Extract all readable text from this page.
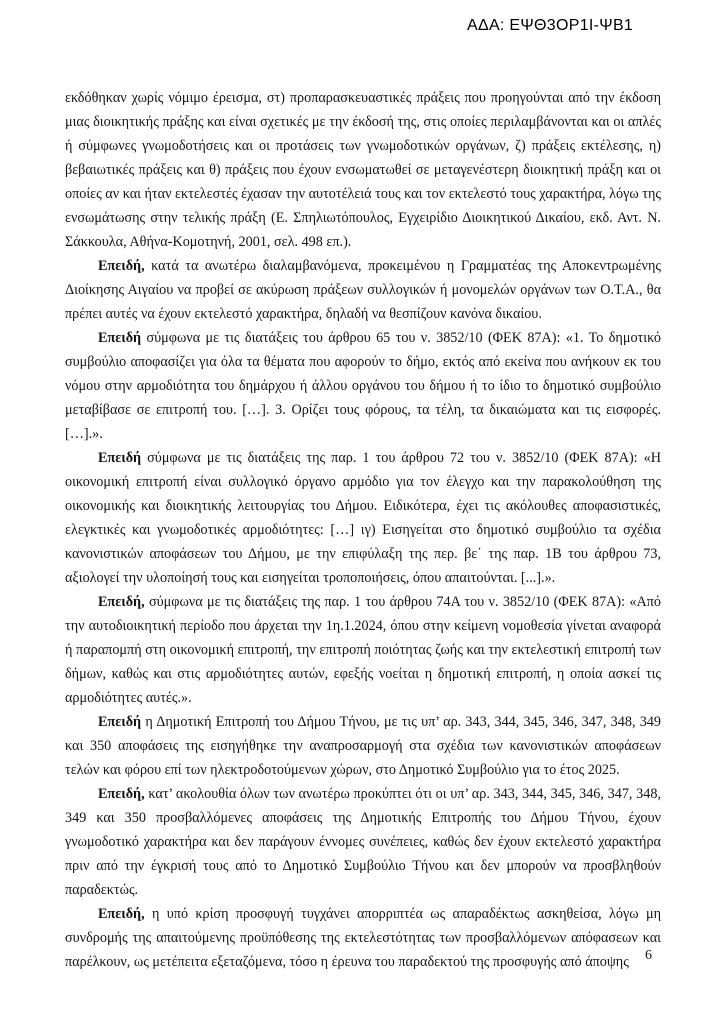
ΑΔΑ: ΕΨΘ3ΟΡ1Ι-ΨΒ1

εκδόθηκαν χωρίς νόμιμο έρεισμα, στ) προπαρασκευαστικές πράξεις που προηγούνται από την έκδοση μιας διοικητικής πράξης και είναι σχετικές με την έκδοσή της, στις οποίες περιλαμβάνονται και οι απλές ή σύμφωνες γνωμοδοτήσεις και οι προτάσεις των γνωμοδοτικών οργάνων, ζ) πράξεις εκτέλεσης, η) βεβαιωτικές πράξεις και θ) πράξεις που έχουν ενσωματωθεί σε μεταγενέστερη διοικητική πράξη και οι οποίες αν και ήταν εκτελεστές έχασαν την αυτοτέλειά τους και τον εκτελεστό τους χαρακτήρα, λόγω της ενσωμάτωσης στην τελικής πράξη (Ε. Σπηλιωτόπουλος, Εγχειρίδιο Διοικητικού Δικαίου, εκδ. Αντ. Ν. Σάκκουλα, Αθήνα-Κομοτηνή, 2001, σελ. 498 επ.).

Επειδή, κατά τα ανωτέρω διαλαμβανόμενα, προκειμένου η Γραμματέας της Αποκεντρωμένης Διοίκησης Αιγαίου να προβεί σε ακύρωση πράξεων συλλογικών ή μονομελών οργάνων των Ο.Τ.Α., θα πρέπει αυτές να έχουν εκτελεστό χαρακτήρα, δηλαδή να θεσπίζουν κανόνα δικαίου.

Επειδή σύμφωνα με τις διατάξεις του άρθρου 65 του ν. 3852/10 (ΦΕΚ 87Α): «1. Το δημοτικό συμβούλιο αποφασίζει για όλα τα θέματα που αφορούν το δήμο, εκτός από εκείνα που ανήκουν εκ του νόμου στην αρμοδιότητα του δημάρχου ή άλλου οργάνου του δήμου ή το ίδιο το δημοτικό συμβούλιο μεταβίβασε σε επιτροπή του. […]. 3. Ορίζει τους φόρους, τα τέλη, τα δικαιώματα και τις εισφορές. […].».

Επειδή σύμφωνα με τις διατάξεις της παρ. 1 του άρθρου 72 του ν. 3852/10 (ΦΕΚ 87Α): «Η οικονομική επιτροπή είναι συλλογικό όργανο αρμόδιο για τον έλεγχο και την παρακολούθηση της οικονομικής και διοικητικής λειτουργίας του Δήμου. Ειδικότερα, έχει τις ακόλουθες αποφασιστικές, ελεγκτικές και γνωμοδοτικές αρμοδιότητες: […] ιγ) Εισηγείται στο δημοτικό συμβούλιο τα σχέδια κανονιστικών αποφάσεων του Δήμου, με την επιφύλαξη της περ. βε΄ της παρ. 1Β του άρθρου 73, αξιολογεί την υλοποίησή τους και εισηγείται τροποποιήσεις, όπου απαιτούνται. [...].».

Επειδή, σύμφωνα με τις διατάξεις της παρ. 1 του άρθρου 74Α του ν. 3852/10 (ΦΕΚ 87Α): «Από την αυτοδιοικητική περίοδο που άρχεται την 1η.1.2024, όπου στην κείμενη νομοθεσία γίνεται αναφορά ή παραπομπή στη οικονομική επιτροπή, την επιτροπή ποιότητας ζωής και την εκτελεστική επιτροπή των δήμων, καθώς και στις αρμοδιότητες αυτών, εφεξής νοείται η δημοτική επιτροπή, η οποία ασκεί τις αρμοδιότητες αυτές.».

Επειδή η Δημοτική Επιτροπή του Δήμου Τήνου, με τις υπ’ αρ. 343, 344, 345, 346, 347, 348, 349 και 350 αποφάσεις της εισηγήθηκε την αναπροσαρμογή στα σχέδια των κανονιστικών αποφάσεων τελών και φόρου επί των ηλεκτροδοτούμενων χώρων, στο Δημοτικό Συμβούλιο για το έτος 2025.

Επειδή, κατ’ ακολουθία όλων των ανωτέρω προκύπτει ότι οι υπ’ αρ. 343, 344, 345, 346, 347, 348, 349 και 350 προσβαλλόμενες αποφάσεις της Δημοτικής Επιτροπής του Δήμου Τήνου, έχουν γνωμοδοτικό χαρακτήρα και δεν παράγουν έννομες συνέπειες, καθώς δεν έχουν εκτελεστό χαρακτήρα πριν από την έγκρισή τους από το Δημοτικό Συμβούλιο Τήνου και δεν μπορούν να προσβληθούν παραδεκτώς.

Επειδή, η υπό κρίση προσφυγή τυγχάνει απορριπτέα ως απαραδέκτως ασκηθείσα, λόγω μη συνδρομής της απαιτούμενης προϋπόθεσης της εκτελεστότητας των προσβαλλόμενων απόφασεων και παρέλκουν, ως μετέπειτα εξεταζόμενα, τόσο η έρευνα του παραδεκτού της προσφυγής από άποψης	6
